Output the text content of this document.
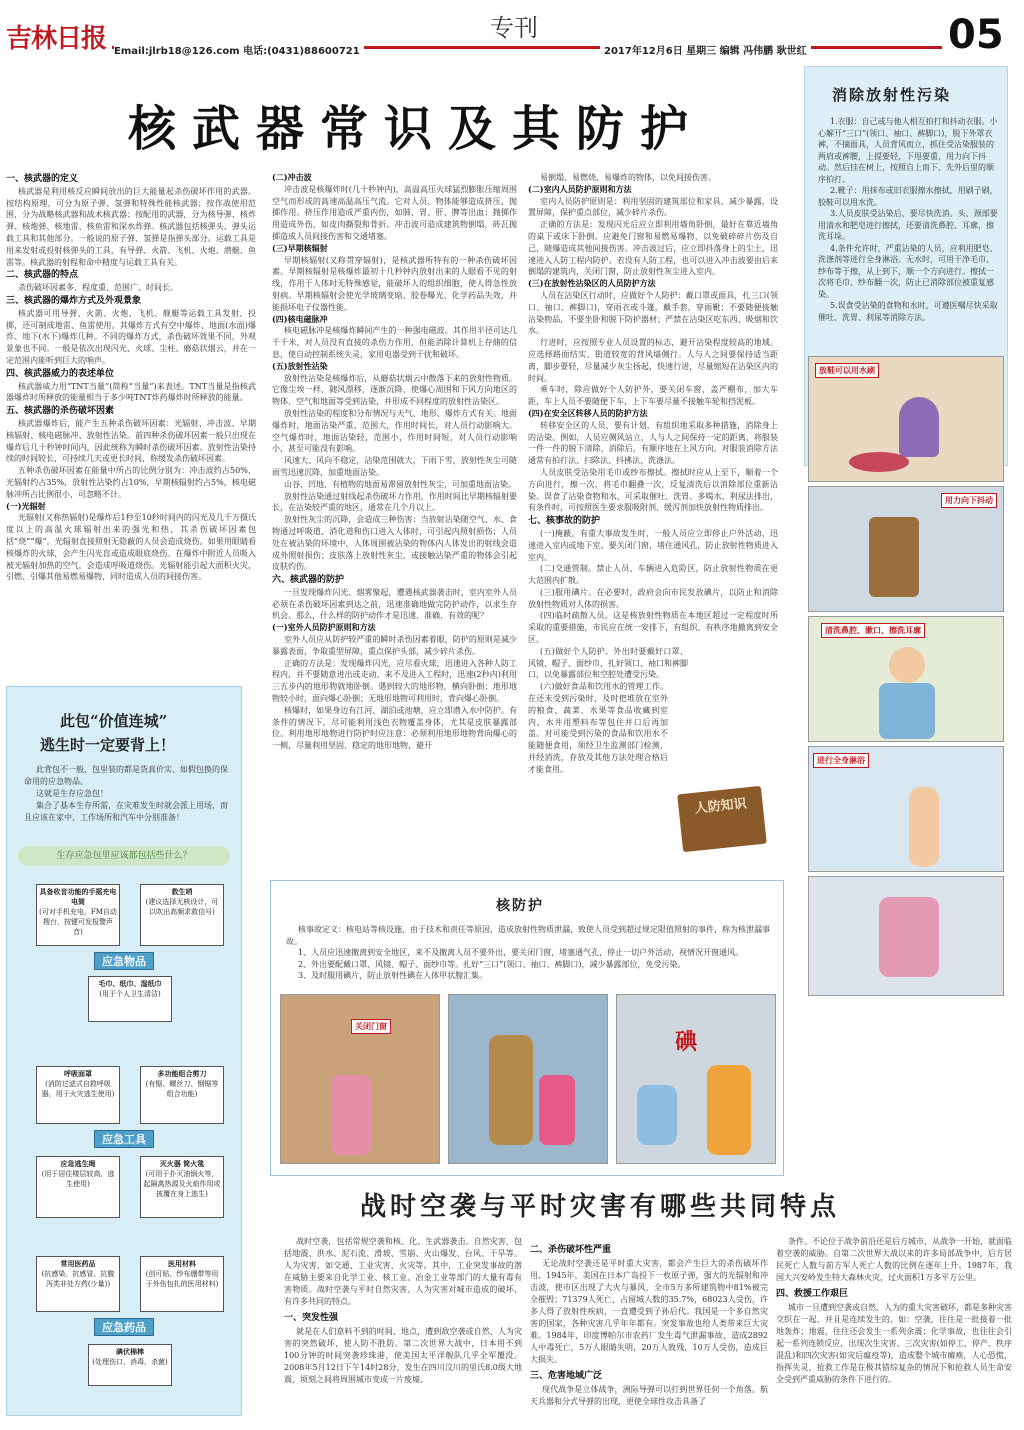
吉林日报 Email:jlrb18@126.com 电话:(0431)88600721
专刊
2017年12月6日 星期三 编辑 冯伟鹏 耿世红	05
核武器常识及其防护
一、核武器的定义

核武器是利用核反应瞬间放出的巨大能量起杀伤破坏作用的武器。按结构原理，可分为原子弹、氢弹和特殊性能核武器；按作战使用范围，分为战略核武器和战术核武器；按配用的武器，分为核导弹、核炸弹、核炮弹、核地雷、核鱼雷和深水炸弹。核武器包括核弹头、弹头运载工具和其他部分。一般说的原子弹、氢弹是指弹头部分。运载工具是用来发射或投射核弹头的工具，有导弹、火箭、飞机、火炮、潜艇、鱼雷等。核武器的射程和命中精度与运载工具有关。

二、核武器的特点

杀伤破坏因素多、程度重、范围广、时间长。

三、核武器的爆炸方式及外观景象

核武器可用导弹、火箭、火炮、飞机、舰艇等运载工具发射、投掷，还可制成地雷、鱼雷使用。其爆炸方式有空中爆炸、地面(水面)爆炸、地下(水下)爆炸几种。不同的爆炸方式，杀伤破坏效果不同，外观景象也不同。一般是依次出现闪光、火球、尘柱、蘑菇状烟云，并在一定范围内能听到巨大的响声。

四、核武器威力的表述单位

核武器威力用“TNT当量”(简称“当量”)来表述。TNT当量是指核武器爆炸时所释放的能量相当于多少吨TNT炸药爆炸时所释放的能量。

五、核武器的杀伤破坏因素

核武器爆炸后，能产生五种杀伤破坏因素：光辐射、冲击波、早期核辐射、核电磁脉冲、放射性沾染。前四种杀伤破坏因素一般只出现在爆炸后几十秒钟时间内，因此统称为瞬时杀伤破坏因素。放射性沾染持续的时间较长，可持续几天或更长时间，称缓发杀伤破坏因素。

五种杀伤破坏因素在能量中所占的比例分别为：冲击波约占50%，光辐射约占35%，放射性沾染约占10%，早期核辐射约占5%，核电磁脉冲所占比例很小，可忽略不计。

(一)光辐射

光辐射(又称热辐射)是爆炸后1秒至10秒时间内的闪光及几千万摄氏度以上的高温火球辐射出来的强光和热，其杀伤破坏因素包括“烧”“爆”。光辐射直接照射无隐蔽的人员会造成烧伤。如果用眼睛看核爆炸的火球，会产生闪光盲或造成眼底烧伤。在爆炸中附近人员吸入被光辐射加热的空气，会造成呼吸道烧伤。光辐射能引起大面积火灾，引燃、引爆其他易燃易爆物，同时造成人员的间接伤害。

(二)冲击波

冲击波是核爆炸时(几十秒钟内)，高温高压火球猛烈膨胀压缩周围空气而形成的高速高温高压气流。它对人员、物体能够造成挤压、抛掷作用。挤压作用造成严重内伤，如肺、胃、肝、脾等出血；抛掷作用造成外伤，如皮肉撕裂和骨折。冲击波可造成建筑物倒塌，砖瓦抛掷造成人员间接伤害和交通堵塞。

(三)早期核辐射

早期核辐射(又称贯穿辐射)，是核武器所特有的一种杀伤破坏因素。早期核辐射是核爆炸最初十几秒钟内放射出来的人眼看不见的射线，作用于人体时无特殊感觉，能破坏人的组织细胞，使人得急性放射病。早期核辐射会使光学玻璃变暗、胶卷曝光、化学药品失效，并能损坏电子仪器性能。

(四)核电磁脉冲

核电磁脉冲是核爆炸瞬间产生的一种强电磁波。其作用半径可达几千千米，对人员没有直接的杀伤力作用，但能消除计算机上存储的信息，使自动控制系统失灵，家用电器受到干扰和破坏。

(五)放射性沾染

放射性沾染是核爆炸后，从蘑菇状烟云中散落下来的放射性物质。它像尘埃一样，随风漂移，逐渐沉降，使爆心周围和下风方向地区的物体、空气和地面等受到沾染，并形成不同程度的放射性沾染区。

放射性沾染的程度和分布情况与天气、地形、爆炸方式有关。地面爆炸时，地面沾染严重，范围大，作用时间长，对人员行动影响大。空气爆炸时，地面沾染轻，范围小，作用时间短，对人员行动影响小，甚至可能没有影响。

风速大、风向不稳定，沾染范围就大，下雨下雪，放射性灰尘可随雨雪迅速沉降，加重地面沾染。

山谷、凹地、有植物的地面易滞留放射性灰尘，可加重地面沾染。

放射性沾染通过射线起杀伤破坏力作用，作用时间比早期核辐射要长，在沾染较严重的地区，通常在几个月以上。

放射性灰尘的沉降，会造成三种伤害：当放射沾染随空气、水、食物通过呼吸道、消化道和伤口进入人体时，可引起内照射损伤；人员处在被沾染的环境中，人体周围被沾染的物体内人体发出的射线会造成外照射损伤；皮肤落上放射性灰尘，或接触沾染严重的物体会引起皮肤灼伤。

六、核武器的防护

一旦发现爆炸闪光、烟雾聚起，遭遇核武器袭击时，室内室外人员必须在杀伤破坏因素到达之前，迅速准确地做完防护动作，以求生存机会。那么，什么样的防护动作才是迅速、准确、有效的呢？

(一)室外人员防护原则和方法

室外人员应从防护较严重的瞬时杀伤因素着眼，防护的原则是减少暴露表面，争取重型屏障，重点保护头部，减少碎片杀伤。

正确的方法是：发现爆炸闪光，应尽看火球，迅速进入各种人防工程内，并不要随意进出或走动，来不及进入工程时，迅速(2秒内)利用三五步内的地形物就地卧倒。遇到较大的地形物，横向卧倒；地形地物较小时，面向爆心卧倒；无地形地物可利用时，背向爆心卧倒。

核爆时，如果身边有江河、湖泊或池塘，应立即潜入水中防护。有条件的情况下，尽可能利用浅色衣物覆盖身体，尤其是皮肤暴露部位。利用地形地物进行防护时应注意：必须利用地形地物背向爆心的一侧，尽量利用坚固、稳定的地形地物，避开

易倒塌、易燃烧、易爆炸的物体，以免间接伤害。

(二)室内人员防护原则和方法

室内人员防护原则是：利用坚固的建筑部位和家具，减少暴露，设置屏障，保护重点部位，减少碎片杀伤。

正确的方法是：发现闪光后应立即利用墙角卧倒，最好在靠近墙角的桌下或床下卧倒。应避免门窗和易燃易爆物，以免破碎碎片伤及自己，随爆造成其他间接伤害。冲击波过后，应立即抖落身上的尘土，迅速进入人防工程内防护。若没有人防工程，也可以进入冲击波要由后来倒塌的建筑内，关闭门窗，防止放射性灰尘进入室内。

(三)在放射性沾染区的人员防护方法

人员在沾染区行动时，应做好个人防护：戴口罩或面具，扎三口(领口、袖口、裤脚口)，穿雨衣或斗篷，戴手套，穿雨靴；不要随便接触沾染物品，不要坐卧和脱下防护器材；严禁在沾染区吃东西、吸烟和饮水。

行进时，应按照专业人员设置的标志，避开沾染程度较高的地域。应选择路面结实、街道较宽的背风墙侧行。人与人之间要保持适当距离，脚步要轻，尽量减少灰尘扬起，快速行进，尽量缩短在沾染区内的时间。

乘车时，除应做好个人防护外，要关闭车窗，盖严棚布，加大车距，车上人员不要随便下车，上下车要尽量不接触车轮和挡泥板。

(四)在安全区转移人员的防护方法

转移安全区的人员，要有计划，有组织地采取多种措施，消除身上的沾染。例如，人员应侧风站立，人与人之间保持一定的距离，将服装一件一件的脱下清除，消除后，有顺序地在上风方向。对服装消除方法通常有拍打法、扫除法、抖拂法、洗涤法。

人员皮肤受沾染用毛巾或纱布擦拭。擦拭时应从上至下，顺着一个方向进行，擦一次，将毛巾翻叠一次，反复清洗后以消除部位重新沾染。误食了沾染食物和水，可采取催吐、洗胃、多喝水、利尿法排出，有条件时，可按照医生要求服吸附剂、缓泻剂加快放射性物质排出。

七、核事故的防护

(一)掩蔽。有重大事故发生时，一般人员应立即停止户外活动，迅速进入室内或地下室。要关闭门窗，堵住通风孔，防止放射性物质进入室内。

(二)交通管制。禁止人员、车辆进入危险区，防止放射性物质在更大范围内扩散。

(三)服用碘片。在必要时，政府会向市民发放碘片，以防止和消除放射性物质对人体的损害。

(四)临时疏散人员。这是核放射性物质在本地区超过一定程度时所采取的重要措施，市民应在统一安排下，有组织、有秩序地撤离到安全区。

(五)做好个人防护。外出时要戴好口罩、风镜、帽子、面纱巾，扎好领口、袖口和裤脚口，以免暴露部位和空腔处遭受污染。

(六)做好食品和饮用水的管理工作。在还未受到污染时，及时把堆放在室外的粮食、蔬菜、水果等食品收藏到室内，水井用塑料布等包住并口后再加盖。对可能受到污染的食品和饮用水不能随便食用，须经卫生监测部门检测，并经消洗，存放及其他方法处理合格后才能食用。

人防知识
消除放射性污染

1.衣服：自己或与他人相互拍打和抖动衣服。小心解开“三口”(领口、袖口、裤脚口)，脱下外罩衣裤，不摘面具，人员背风而立，抓住受沾染服装的两肩或裤腰，上提要轻，下甩要重，用力向下抖动。然后挂在树上，按照自上而下、先外后里的顺序拍打。

2.靴子：用抹布或旧衣服擦水擦拭，用刷子刷，胶鞋可以用水洗。

3.人员皮肤受沾染后，要尽快洗消。头、颈部要用清水和肥皂进行擦拭，还要清洗鼻腔、耳廓，擦洗耳垛。

4.条件允许时，严重沾染的人员，应利用肥皂、洗涤剂等进行全身淋浴。无水时，可用干净毛巾、纱布等于擦，从上到下，顺一个方向进行。擦拭一次将毛巾、纱布翻一次，防止已消除部位被重复感染。

5.误食受沾染的食物和水时，可遵医嘱尽快采取催吐、洗胃、利尿等消除方法。

放鞋可以用水刷
用力向下抖动
清洗鼻腔、漱口、擦洗耳廓
进行全身淋浴
此包“价值连城”
逃生时一定要背上！

此背包不一般，包里装的都是货真价实、如假包换的保命用的应急物品。

这就是生存应急包！

集合了基本生存所需，在灾难发生时就会派上用场，而且应该在家中、工作场所和汽车中分别准备！

生存应急包里应该都包括些什么？
具备收音功能的手摇充电电筒
(可对手机充电，FM自动搜台，按键可发报警声音)
救生哨
(建议选择无核设计，可以吹出高频求救信号)
应急物品
毛巾、纸巾、湿纸巾
(用于个人卫生清洁)
呼吸面罩
(消防过滤式自救呼吸器，用于火灾逃生使用)
多功能组合剪刀
(有锯、螺丝刀、钢锯等组合功能)
应急工具
应急逃生绳
(用于居住楼层较高，逃生使用)
灭火器 简火毯
(可用于扑灭油锅火等，起隔离热源及火焰作用或披覆在身上逃生)
常用医药品
(抗感染、抗感冒、抗腹泻类非处方药(少量))
医用材料
(创可贴、纱布绷带等用于外伤包扎的医用材料)
应急药品
碘伏棉棒
(处理伤口，消毒、杀菌)
核防护

核事故定义：核电站等核设施，由于技术和责任等原因，造成放射性物质泄漏，致使人员受到超过规定限值照射的事件，称为核泄漏事故。

1、人员应迅速撤离到安全地区，来不及撤离人员不要外出，要关闭门窗，堵塞通气孔，停止一切户外活动，视情况开窗通风。

2、外出要配戴口罩、风镜、帽子、面纱巾等。扎好“三口”(领口、袖口、裤脚口)，减少暴露部位，免受污染。

3、及时服用碘片，防止放射性碘在人体甲状腺汇集。

关闭门窗
碘
战时空袭与平时灾害有哪些共同特点

战时空袭，包括常规空袭和核、化、生武器袭击。自然灾害，包括地震、洪水、泥石流、滑坡、雪崩、火山爆发、台风、干旱等。人为灾害，如交通、工业灾害、火灾等。其中，工业突发事故的潜在威胁主要来自化学工业、核工业、冶金工业等部门的大量有毒有害物质。战时空袭与平时自然灾害、人为灾害对城市造成的破坏，有许多共同的特点。

一、突发性强

就是在人们意料不到的时间、地点，遭到敌空袭或自然、人为灾害的突然破坏，使人防不胜防。第二次世界大战中，日本用不到100分钟的时间突袭珍珠港，使美国太平洋舰队几乎全军覆没。2008年5月12日下午14时28分，发生在四川汶川的里氏8.0级大地震，顷刻之间将周围城市变成一片废墟。

二、杀伤破坏性严重

无论战时空袭还是平时重大灾害，都会产生巨大的杀伤破坏作用。1945年，美国在日本广岛投下一枚原子弹，强大的光辐射和冲击波，使市区出现了大火与暴风，全市5万多所建筑物中81%被完全摧毁；71379人死亡，占留城人数的35.7%，68023人受伤，许多人得了放射性疾病，一直遭受到子孙后代。我国是一个多自然灾害的国家，各种灾害几乎年年都有。突发事故也给人类带来巨大灾难。1984年，印度博帕尔市农药厂发生毒气泄漏事故，造成2892人中毒死亡，5万人眼睛失明，20万人致残，10万人受伤，造成巨大损失。

三、危害地域广泛

现代战争是立体战争，洲际导弹可以打到世界任何一个角落。航天兵器和分式导弹的出现，更使全球性攻击具备了

条件。不论位于战争前沿还是后方城市，从战争一开始，就面临着空袭的威胁。自第二次世界大战以来的许多局部战争中，后方居民死亡人数与前方军人死亡人数的比例在逐年上升。1987年，我国大兴安岭发生特大森林火灾，过火面积1万多平方公里。

四、救援工作艰巨

城市一旦遭到空袭或自然、人为的重大灾害破坏，都是多种灾害交织在一起，并且是连续发生的。如：空袭，往往是一批接着一批地轰炸；地震，往往还会发生一系列余震；化学事故，也往往会引起一系列连锁反应，出现次生灾害、三次灾害(如停工、停产、秩序混乱)和四次灾害(如灾后瘟疫等)，造成整个城市瘫痪，人心恐慌，指挥失灵，抢救工作是在极其错综复杂的情况下和抢救人员生命安全受到严重威胁的条件下进行的。
